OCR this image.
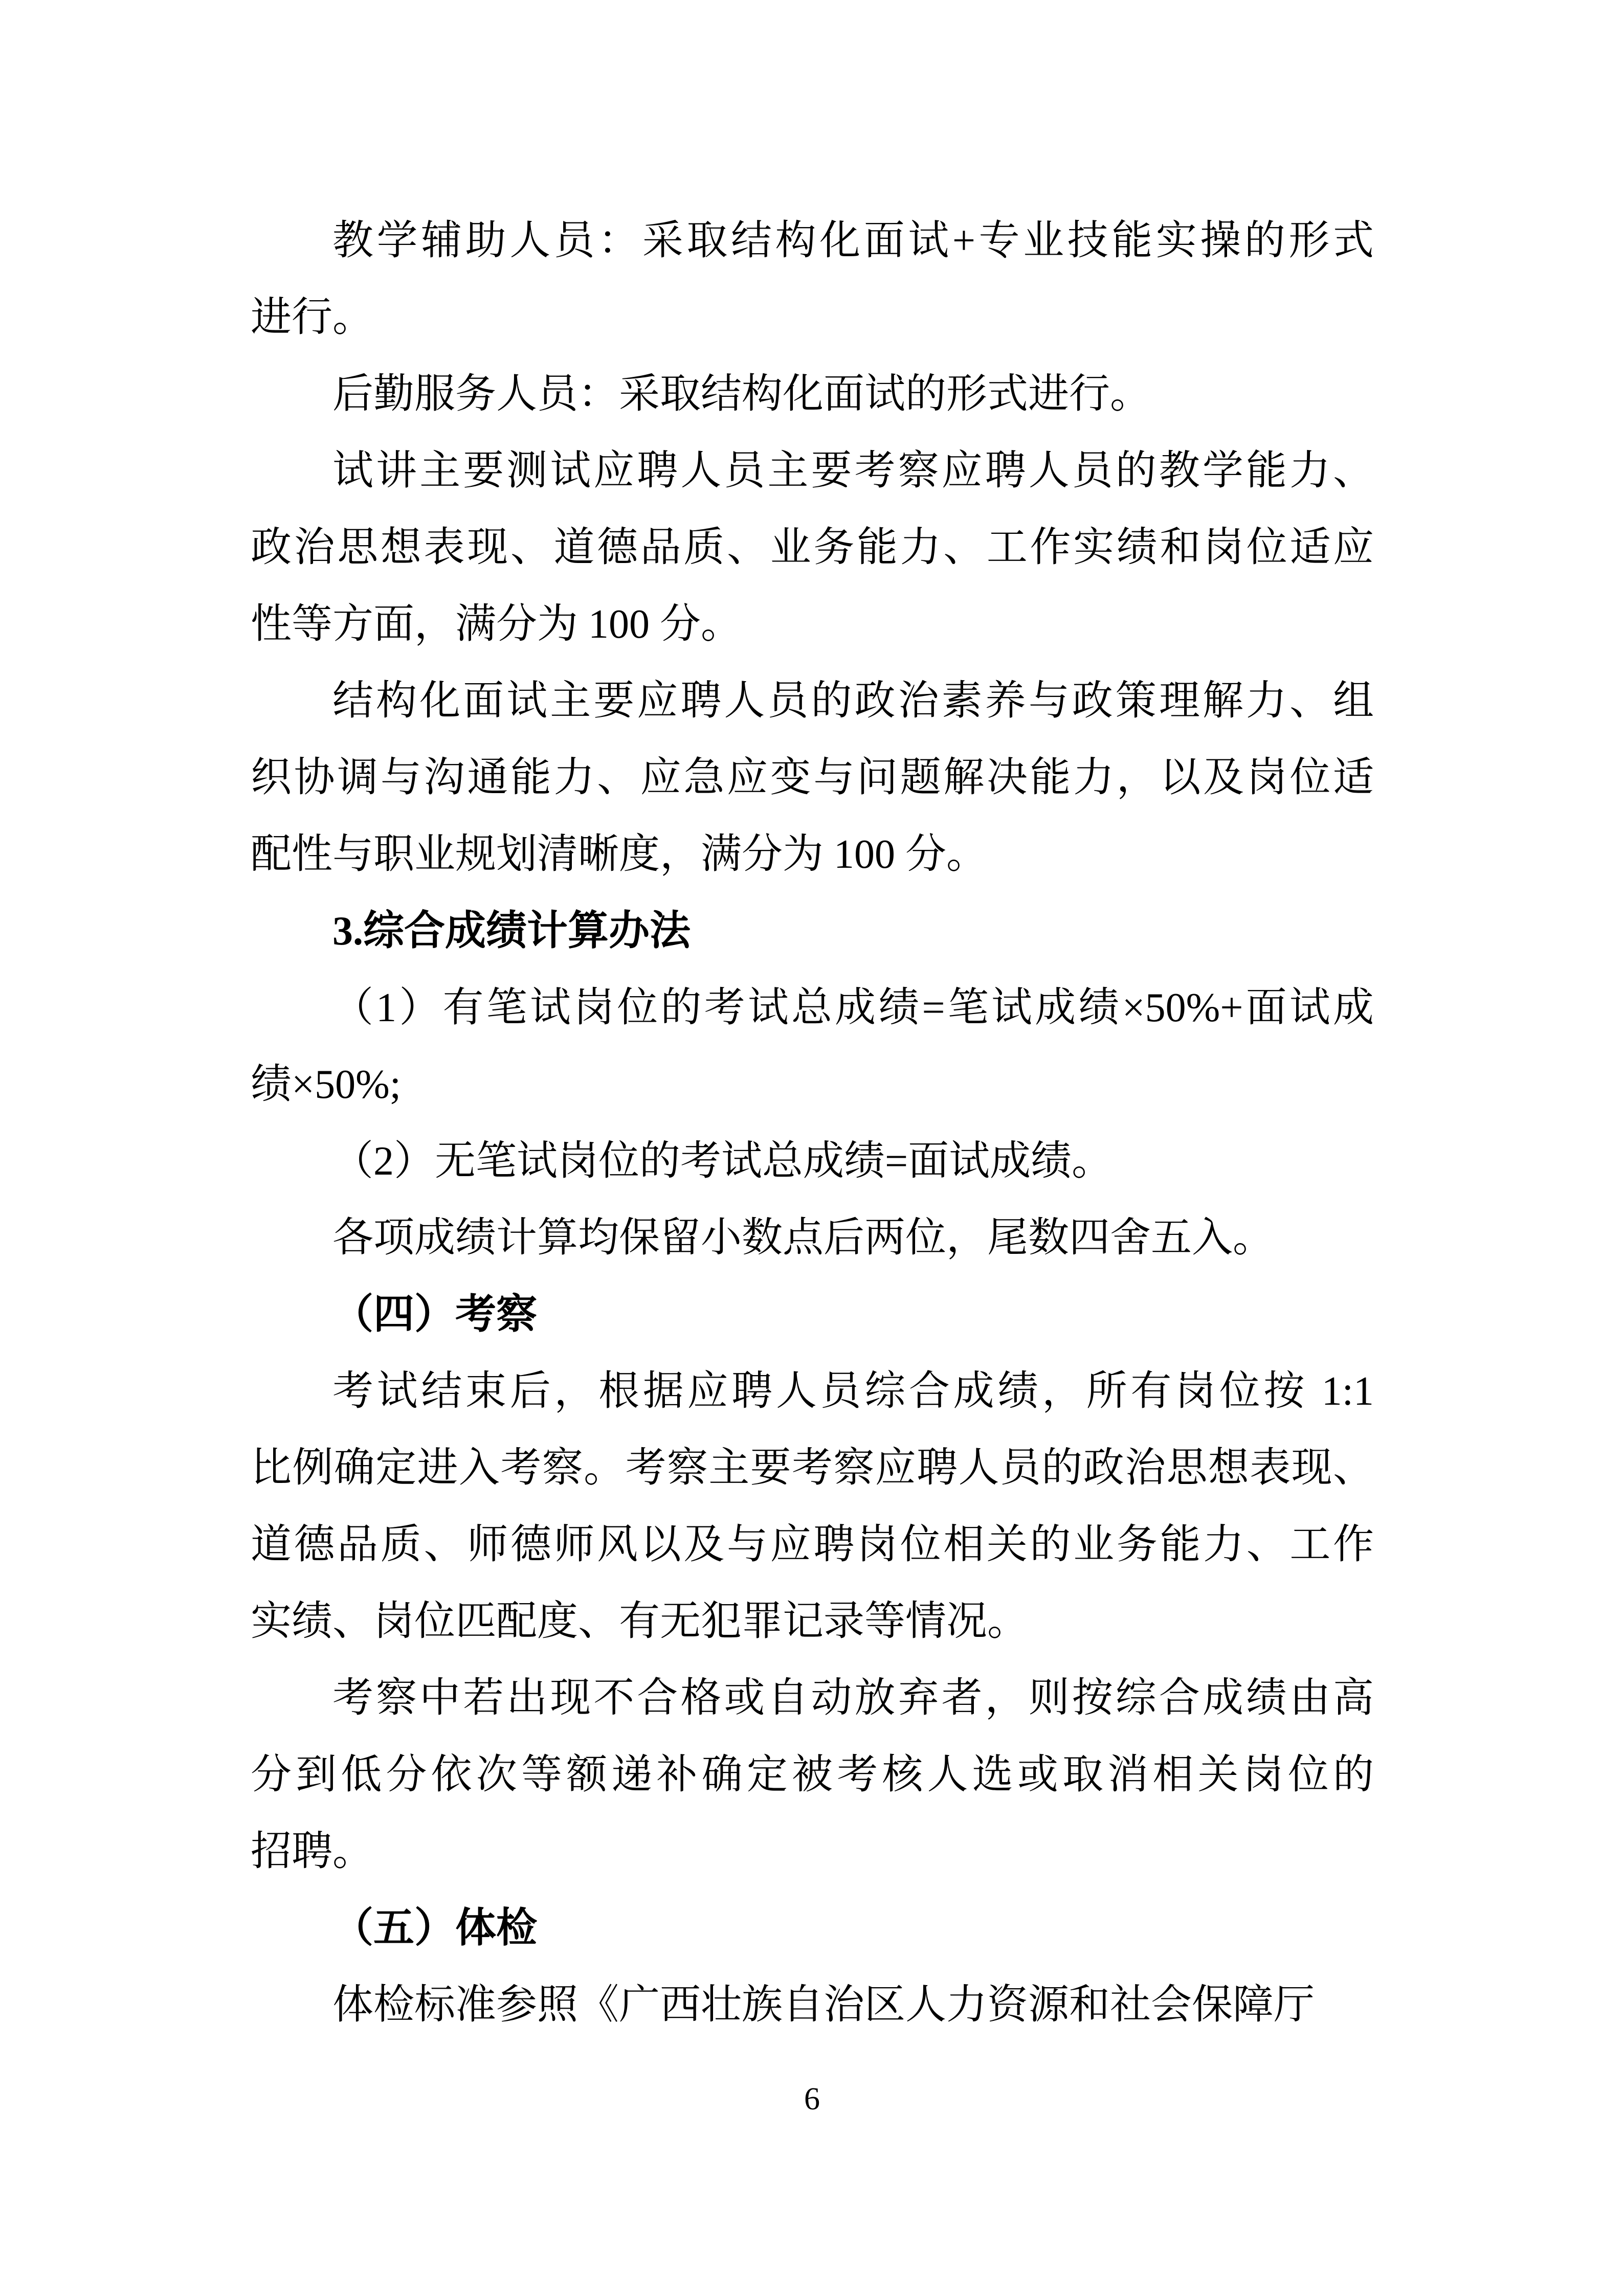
教学辅助人员：采取结构化面试+专业技能实操的形式
进行。
后勤服务人员：采取结构化面试的形式进行。
试讲主要测试应聘人员主要考察应聘人员的教学能力、
政治思想表现、道德品质、业务能力、工作实绩和岗位适应
性等方面，满分为 100 分。
结构化面试主要应聘人员的政治素养与政策理解力、组
织协调与沟通能力、应急应变与问题解决能力，以及岗位适
配性与职业规划清晰度，满分为 100 分。
3.综合成绩计算办法
（1）有笔试岗位的考试总成绩=笔试成绩×50%+面试成
绩×50%;
（2）无笔试岗位的考试总成绩=面试成绩。
各项成绩计算均保留小数点后两位，尾数四舍五入。
（四）考察
考试结束后，根据应聘人员综合成绩，所有岗位按 1:1
比例确定进入考察。考察主要考察应聘人员的政治思想表现、
道德品质、师德师风以及与应聘岗位相关的业务能力、工作
实绩、岗位匹配度、有无犯罪记录等情况。
考察中若出现不合格或自动放弃者，则按综合成绩由高
分到低分依次等额递补确定被考核人选或取消相关岗位的
招聘。
（五）体检
体检标准参照《广西壮族自治区人力资源和社会保障厅
6
